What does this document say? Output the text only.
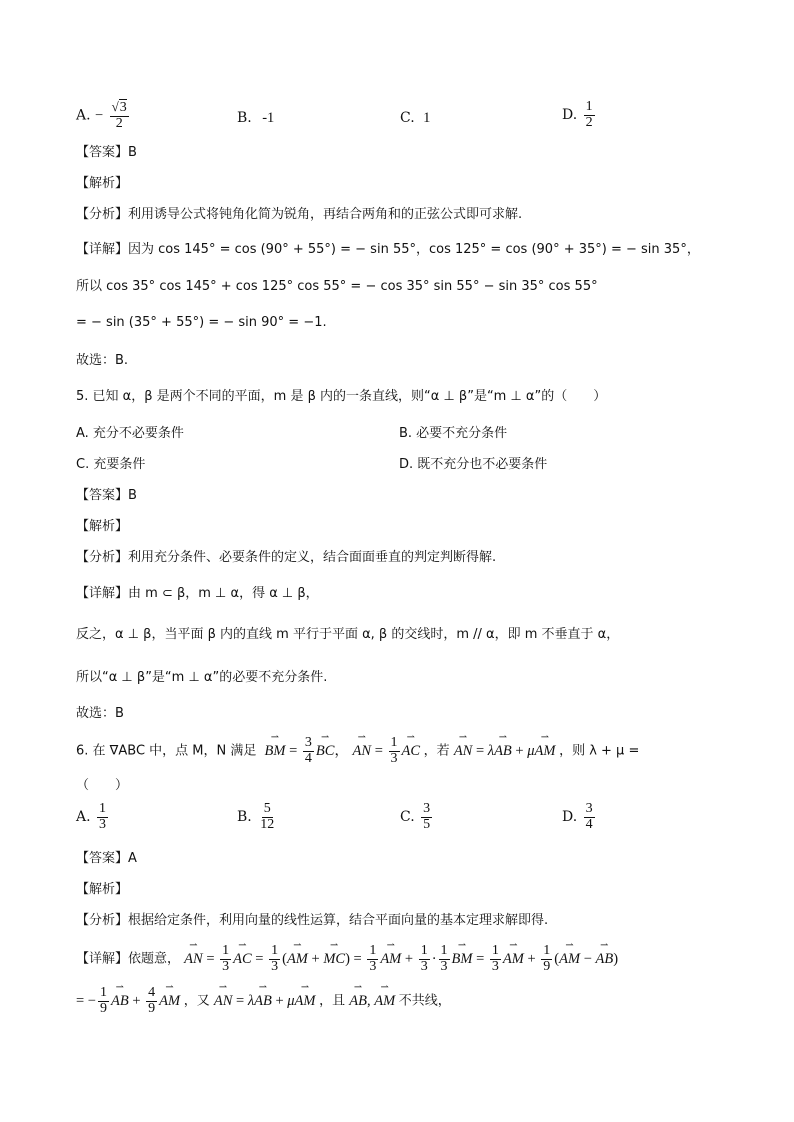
A. − $\frac{√3}{2}$	B. -1	C. 1	D. $\frac{1}{2}$
【答案】B
【解析】
【分析】利用诱导公式将钝角化简为锐角，再结合两角和的正弦公式即可求解.
【详解】因为 cos 145° = cos (90° + 55°) = − sin 55°，cos 125° = cos (90° + 35°) = − sin 35°，
所以 cos 35° cos 145° + cos 125° cos 55° = − cos 35° sin 55° − sin 35° cos 55°
= − sin (35° + 55°) = − sin 90° = −1.
故选：B.
5. 已知 α，β 是两个不同的平面，m 是 β 内的一条直线，则“α ⊥ β”是“m ⊥ α”的（　　）
A. 充分不必要条件	B. 必要不充分条件
C. 充要条件	D. 既不充分也不必要条件
【答案】B
【解析】
【分析】利用充分条件、必要条件的定义，结合面面垂直的判定判断得解.
【详解】由 m ⊂ β，m ⊥ α，得 α ⊥ β，
反之，α ⊥ β，当平面 β 内的直线 m 平行于平面 α, β 的交线时，m // α，即 m 不垂直于 α，
所以“α ⊥ β”是“m ⊥ α”的必要不充分条件.
故选：B
6. 在 ∇ABC 中，点 M，N 满足 ⇀ BM = $\frac{3}{4}$ ⇀ BC， ⇀ AN = $\frac{1}{3}$ ⇀ AC ，若 ⇀ AN = λ⇀ AB + μ⇀ AM ，则 λ + μ =
（　　）
A. $\frac{1}{3}$	B. $\frac{5}{12}$	C. $\frac{3}{5}$	D. $\frac{3}{4}$
【答案】A
【解析】
【分析】根据给定条件，利用向量的线性运算，结合平面向量的基本定理求解即得.
【详解】依题意， ⇀ AN = $\frac{1}{3}$ ⇀ AC = $\frac{1}{3}$ (⇀ AM + ⇀ $MC) = \frac{1}{3}$ ⇀ AM + $\frac{1}{3} \cdot \frac{1}{3}$ ⇀ BM = $\frac{1}{3}$ ⇀ AM + $\frac{1}{9}$ (⇀ AM − ⇀ AB)
= − $\frac{1}{9}$ ⇀ AB + $\frac{4}{9}$ ⇀ AM ，又 ⇀ AN = λ⇀ AB + μ⇀ AM ，且 ⇀ AB, ⇀ AM 不共线，
